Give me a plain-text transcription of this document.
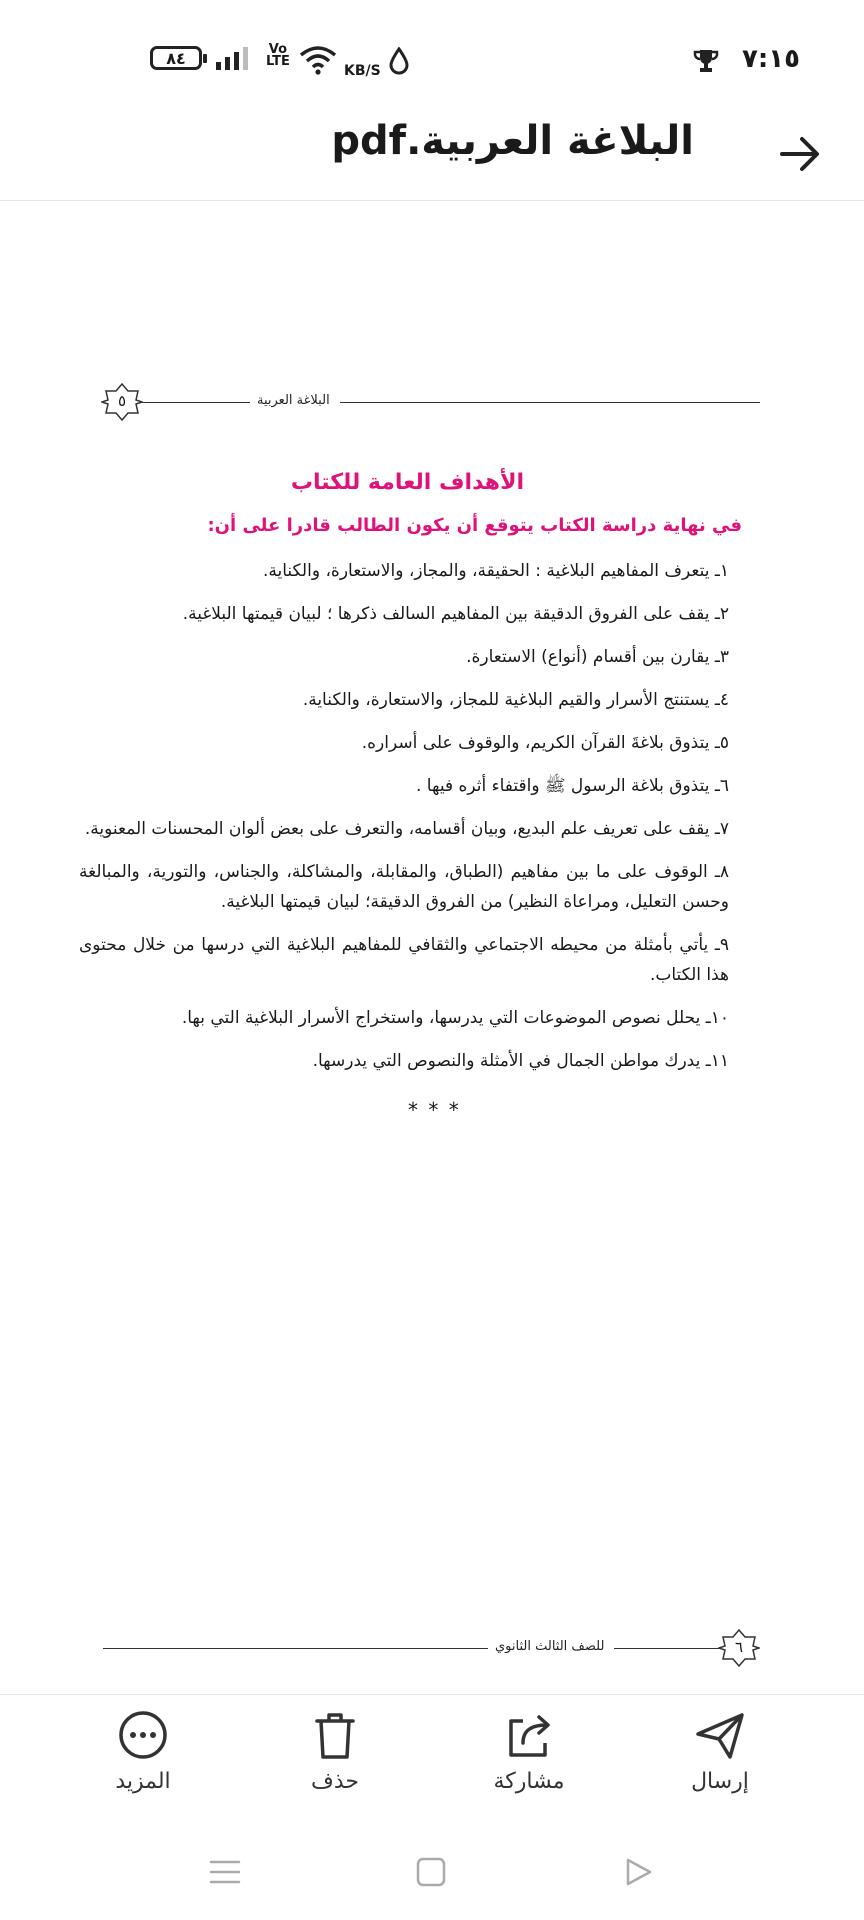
٨٤	Vo
LTE
KB/S	٧:١٥
البلاغة العربية.pdf
البلاغة العربية
٥
الأهداف العامة للكتاب
في نهاية دراسة الكتاب يتوقع أن يكون الطالب قادرا على أن:
١ـ يتعرف المفاهيم البلاغية : الحقيقة، والمجاز، والاستعارة، والكناية.
٢ـ يقف على الفروق الدقيقة بين المفاهيم السالف ذكرها ؛ لبيان قيمتها البلاغية.
٣ـ يقارن بين أقسام (أنواع) الاستعارة.
٤ـ يستنتج الأسرار والقيم البلاغية للمجاز، والاستعارة، والكناية.
٥ـ يتذوق بلاغةَ القرآن الكريم، والوقوف على أسراره.
٦ـ يتذوق بلاغة الرسول ﷺ واقتفاء أثره فيها .
٧ـ يقف على تعريف علم البديع، وبيان أقسامه، والتعرف على بعض ألوان المحسنات المعنوية.
٨ـ الوقوف على ما بين مفاهيم (الطباق، والمقابلة، والمشاكلة، والجناس، والتورية، والمبالغة وحسن التعليل، ومراعاة النظير) من الفروق الدقيقة؛ لبيان قيمتها البلاغية.
٩ـ يأتي بأمثلة من محيطه الاجتماعي والثقافي للمفاهيم البلاغية التي درسها من خلال محتوى هذا الكتاب.
١٠ـ يحلل نصوص الموضوعات التي يدرسها، واستخراج الأسرار البلاغية التي بها.
١١ـ يدرك مواطن الجمال في الأمثلة والنصوص التي يدرسها.
* * *
للصف الثالث الثانوي	٦
إرسال
مشاركة
حذف
المزيد
